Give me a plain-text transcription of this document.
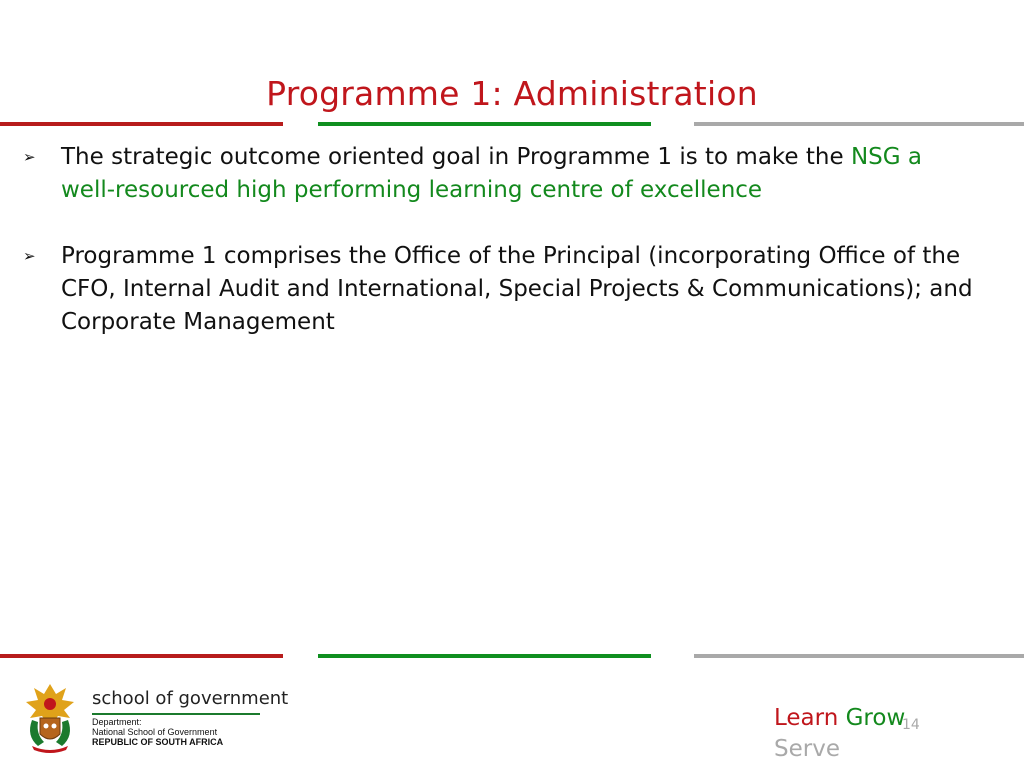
Programme 1: Administration
➢ The strategic outcome oriented goal in Programme 1 is to make the NSG a well-resourced high performing learning centre of excellence
➢ Programme 1 comprises the Office of the Principal (incorporating Office of the CFO, Internal Audit and International, Special Projects & Communications); and Corporate Management
school of government
Department:
National School of Government
REPUBLIC OF SOUTH AFRICA
Learn Grow
Serve
14
